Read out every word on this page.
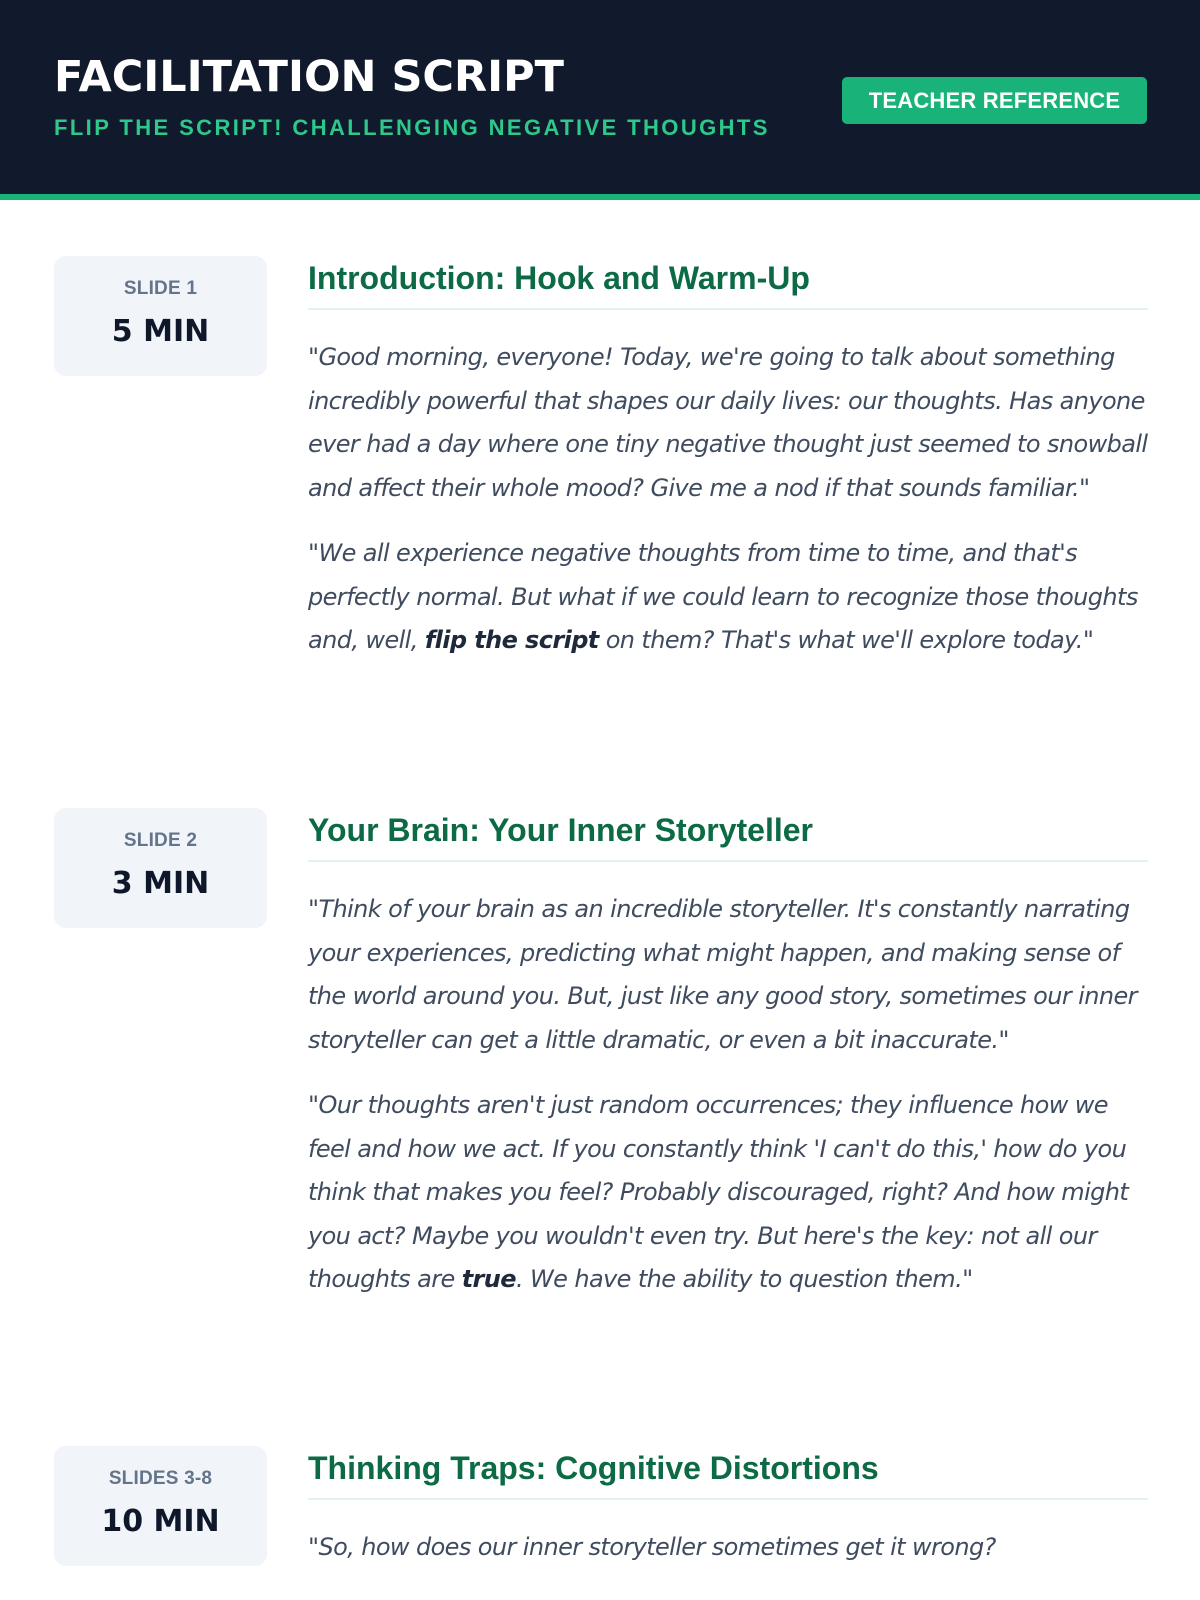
FACILITATION SCRIPT
FLIP THE SCRIPT! CHALLENGING NEGATIVE THOUGHTS
TEACHER REFERENCE
SLIDE 1
5 MIN
Introduction: Hook and Warm-Up

"Good morning, everyone! Today, we're going to talk about something incredibly powerful that shapes our daily lives: our thoughts. Has anyone ever had a day where one tiny negative thought just seemed to snowball and affect their whole mood? Give me a nod if that sounds familiar."

"We all experience negative thoughts from time to time, and that's perfectly normal. But what if we could learn to recognize those thoughts and, well, flip the script on them? That's what we'll explore today."

SLIDE 2
3 MIN
Your Brain: Your Inner Storyteller

"Think of your brain as an incredible storyteller. It's constantly narrating your experiences, predicting what might happen, and making sense of the world around you. But, just like any good story, sometimes our inner storyteller can get a little dramatic, or even a bit inaccurate."

"Our thoughts aren't just random occurrences; they influence how we feel and how we act. If you constantly think 'I can't do this,' how do you think that makes you feel? Probably discouraged, right? And how might you act? Maybe you wouldn't even try. But here's the key: not all our thoughts are true. We have the ability to question them."

SLIDES 3-8
10 MIN
Thinking Traps: Cognitive Distortions

"So, how does our inner storyteller sometimes get it wrong?
